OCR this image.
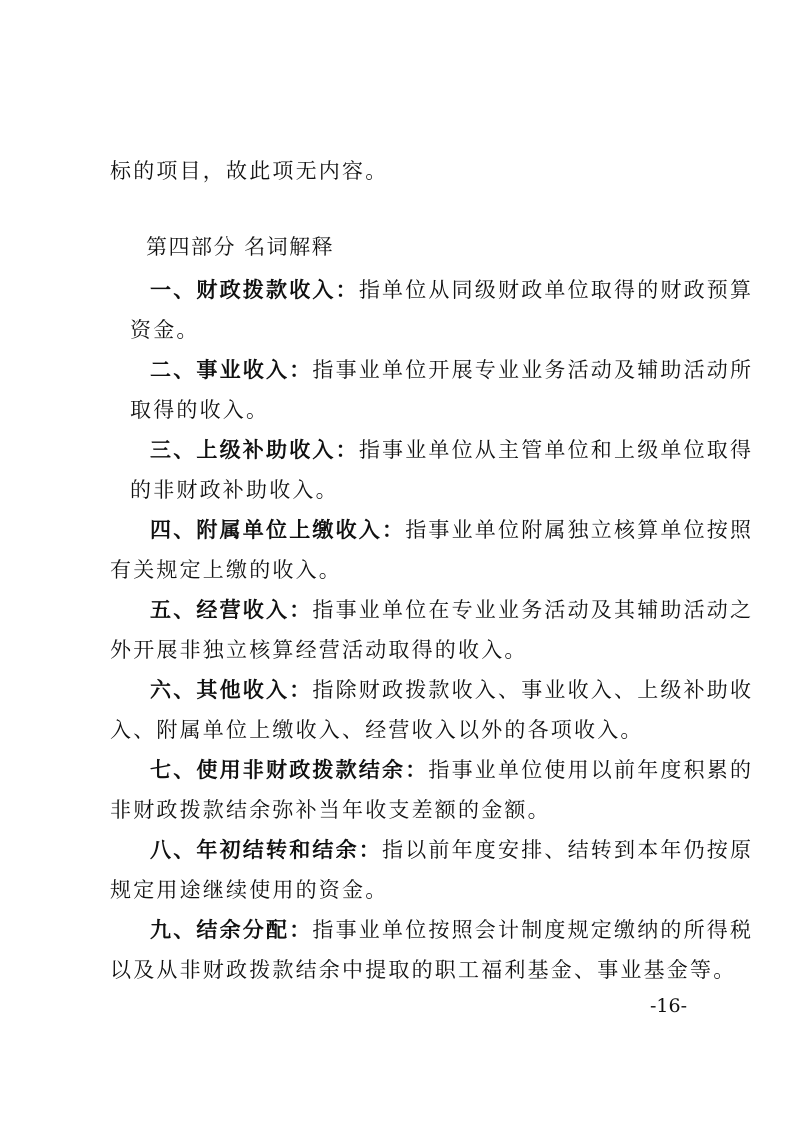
标的项目，故此项无内容。
第四部分 名词解释
一、财政拨款收入：指单位从同级财政单位取得的财政预算
资金。
二、事业收入：指事业单位开展专业业务活动及辅助活动所
取得的收入。
三、上级补助收入：指事业单位从主管单位和上级单位取得
的非财政补助收入。
四、附属单位上缴收入：指事业单位附属独立核算单位按照
有关规定上缴的收入。
五、经营收入：指事业单位在专业业务活动及其辅助活动之
外开展非独立核算经营活动取得的收入。
六、其他收入：指除财政拨款收入、事业收入、上级补助收
入、附属单位上缴收入、经营收入以外的各项收入。
七、使用非财政拨款结余：指事业单位使用以前年度积累的
非财政拨款结余弥补当年收支差额的金额。
八、年初结转和结余：指以前年度安排、结转到本年仍按原
规定用途继续使用的资金。
九、结余分配：指事业单位按照会计制度规定缴纳的所得税
以及从非财政拨款结余中提取的职工福利基金、事业基金等。
-16-
